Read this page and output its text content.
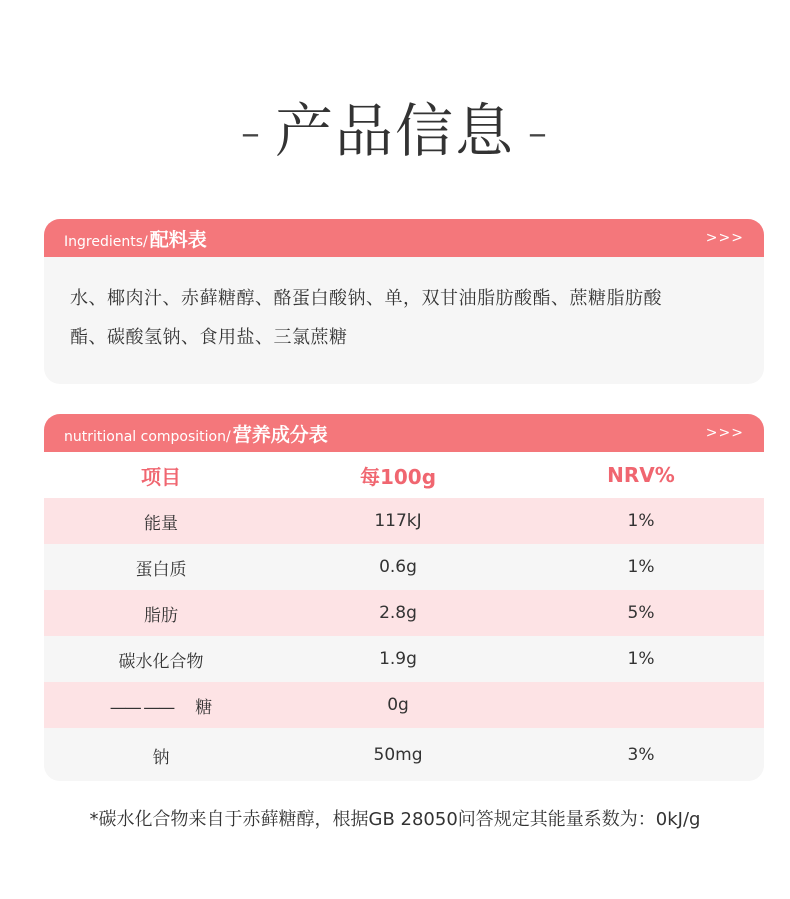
- 产品信息 -
Ingredients/ 配料表	>>>
水、椰肉汁、赤藓糖醇、酪蛋白酸钠、单，双甘油脂肪酸酯、蔗糖脂肪酸
酯、碳酸氢钠、食用盐、三氯蔗糖
nutritional composition/ 营养成分表	>>>
项目	每100g	NRV%
能量	117kJ	1%
蛋白质	0.6g	1%
脂肪	2.8g	5%
碳水化合物	1.9g	1%
—— —— 糖	0g
钠	50mg	3%
*碳水化合物来自于赤藓糖醇，根据GB 28050问答规定其能量系数为：0kJ/g
